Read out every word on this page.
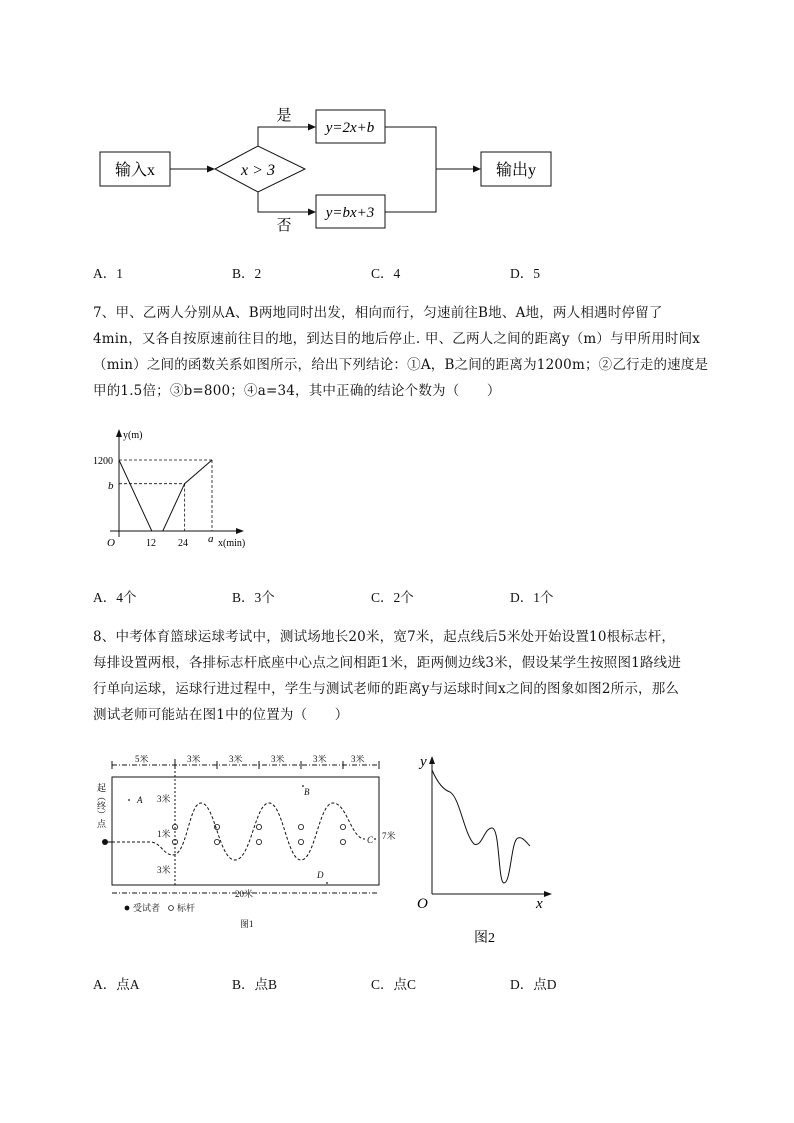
输入x	x > 3
是
否
y=2x+b
y=bx+3
输出y
A．1	B．2	C．4	D．5
7、甲、乙两人分别从A、B两地同时出发，相向而行，匀速前往B地、A地，两人相遇时停留了
4min，又各自按原速前往目的地，到达目的地后停止. 甲、乙两人之间的距离y（m）与甲所用时间x
（min）之间的函数关系如图所示，给出下列结论：①A，B之间的距离为1200m；②乙行走的速度是
甲的1.5倍；③b=800；④a=34，其中正确的结论个数为（　　）
y(m)
x(min)
O
1200
b
12 24 a
A．4个	B．3个	C．2个	D．1个
8、中考体育篮球运球考试中，测试场地长20米，宽7米，起点线后5米处开始设置10根标志杆，
每排设置两根，各排标志杆底座中心点之间相距1米，距两侧边线3米，假设某学生按照图1路线进
行单向运球，运球行进过程中，学生与测试老师的距离y与运球时间x之间的图象如图2所示，那么
测试老师可能站在图1中的位置为（　　）
5米	3米	3米	3米	3米	3米
3米
1米
3米
7米
20米
受试者 标杆
图1
起（终）点	A
B
C
D
y
x
O
图2
A．点A	B．点B	C．点C	D．点D
